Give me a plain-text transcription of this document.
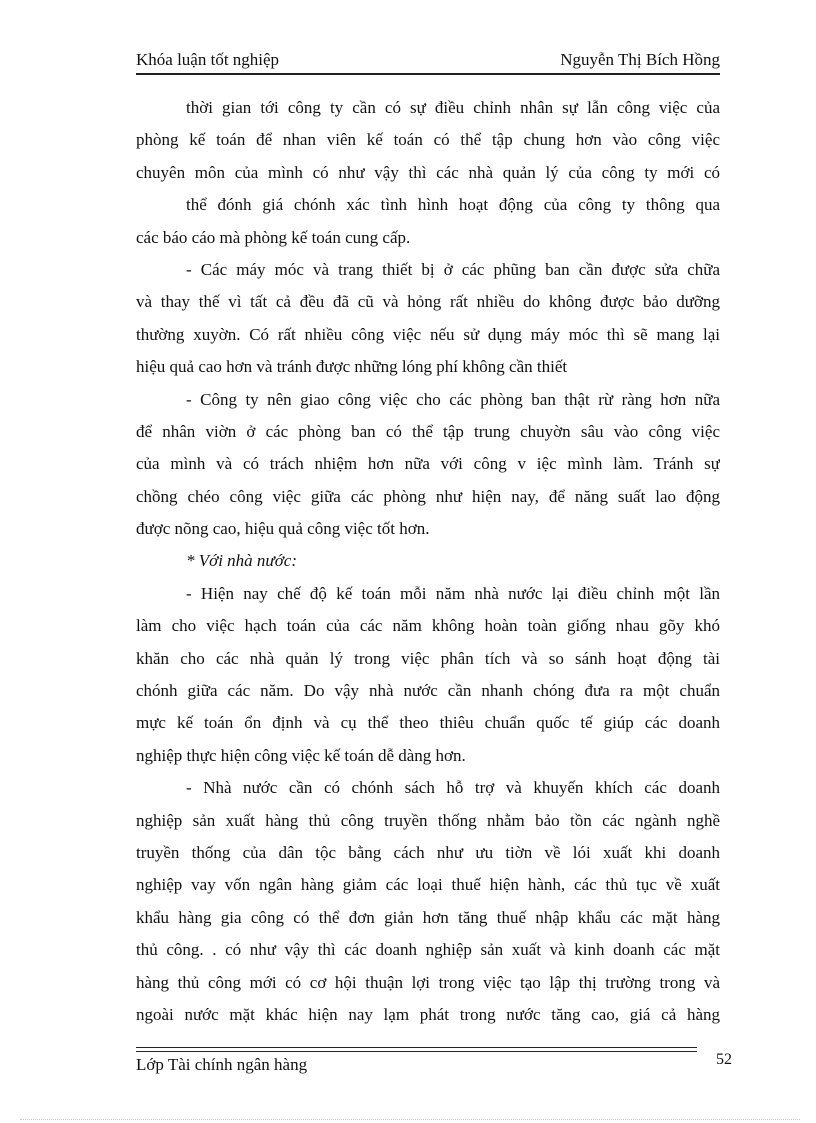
Khóa luận tốt nghiệp	Nguyễn Thị Bích Hồng
thời gian tới công ty cần có sự điều chỉnh nhân sự lẫn công việc của
phòng kế toán để nhan viên kế toán có thể tập chung hơn vào công việc
chuyên môn của mình có như vậy thì các nhà quản lý của công ty mới có
thể đónh giá chónh xác tình hình hoạt động của công ty thông qua
các báo cáo mà phòng kế toán cung cấp.
- Các máy móc và trang thiết bị ở các phũng ban cần được sửa chữa
và thay thế vì tất cả đều đã cũ và hỏng rất nhiều do không được bảo dưỡng
thường xuyờn. Có rất nhiều công việc nếu sử dụng máy móc thì sẽ mang lại
hiệu quả cao hơn và tránh được những lóng phí không cần thiết
- Công ty nên giao công việc cho các phòng ban thật rừ ràng hơn nữa
để nhân viờn ở các phòng ban có thể tập trung chuyờn sâu vào công việc
của mình và có trách nhiệm hơn nữa với công v iệc mình làm. Tránh sự
chồng chéo công việc giữa các phòng như hiện nay, để năng suất lao động
được nõng cao, hiệu quả công việc tốt hơn.
* Với nhà nước:
- Hiện nay chế độ kế toán mỗi năm nhà nước lại điều chỉnh một lần
làm cho việc hạch toán của các năm không hoàn toàn giống nhau gõy khó
khăn cho các nhà quản lý trong việc phân tích và so sánh hoạt động tài
chónh giữa các năm. Do vậy nhà nước cần nhanh chóng đưa ra một chuẩn
mực kế toán ổn định và cụ thể theo thiêu chuẩn quốc tế giúp các doanh
nghiệp thực hiện công việc kế toán dễ dàng hơn.
- Nhà nước cần có chónh sách hỗ trợ và khuyến khích các doanh
nghiệp sản xuất hàng thủ công truyền thống nhằm bảo tồn các ngành nghề
truyền thống của dân tộc bằng cách như ưu tiờn về lói xuất khi doanh
nghiệp vay vốn ngân hàng giảm các loại thuế hiện hành, các thủ tục về xuất
khẩu hàng gia công có thể đơn giản hơn tăng thuế nhập khẩu các mặt hàng
thủ công. . có như vậy thì các doanh nghiệp sản xuất và kinh doanh các mặt
hàng thủ công mới có cơ hội thuận lợi trong việc tạo lập thị trường trong và
ngoài nước mặt khác hiện nay lạm phát trong nước tăng cao, giá cả hàng
Lớp Tài chính ngân hàng	52
